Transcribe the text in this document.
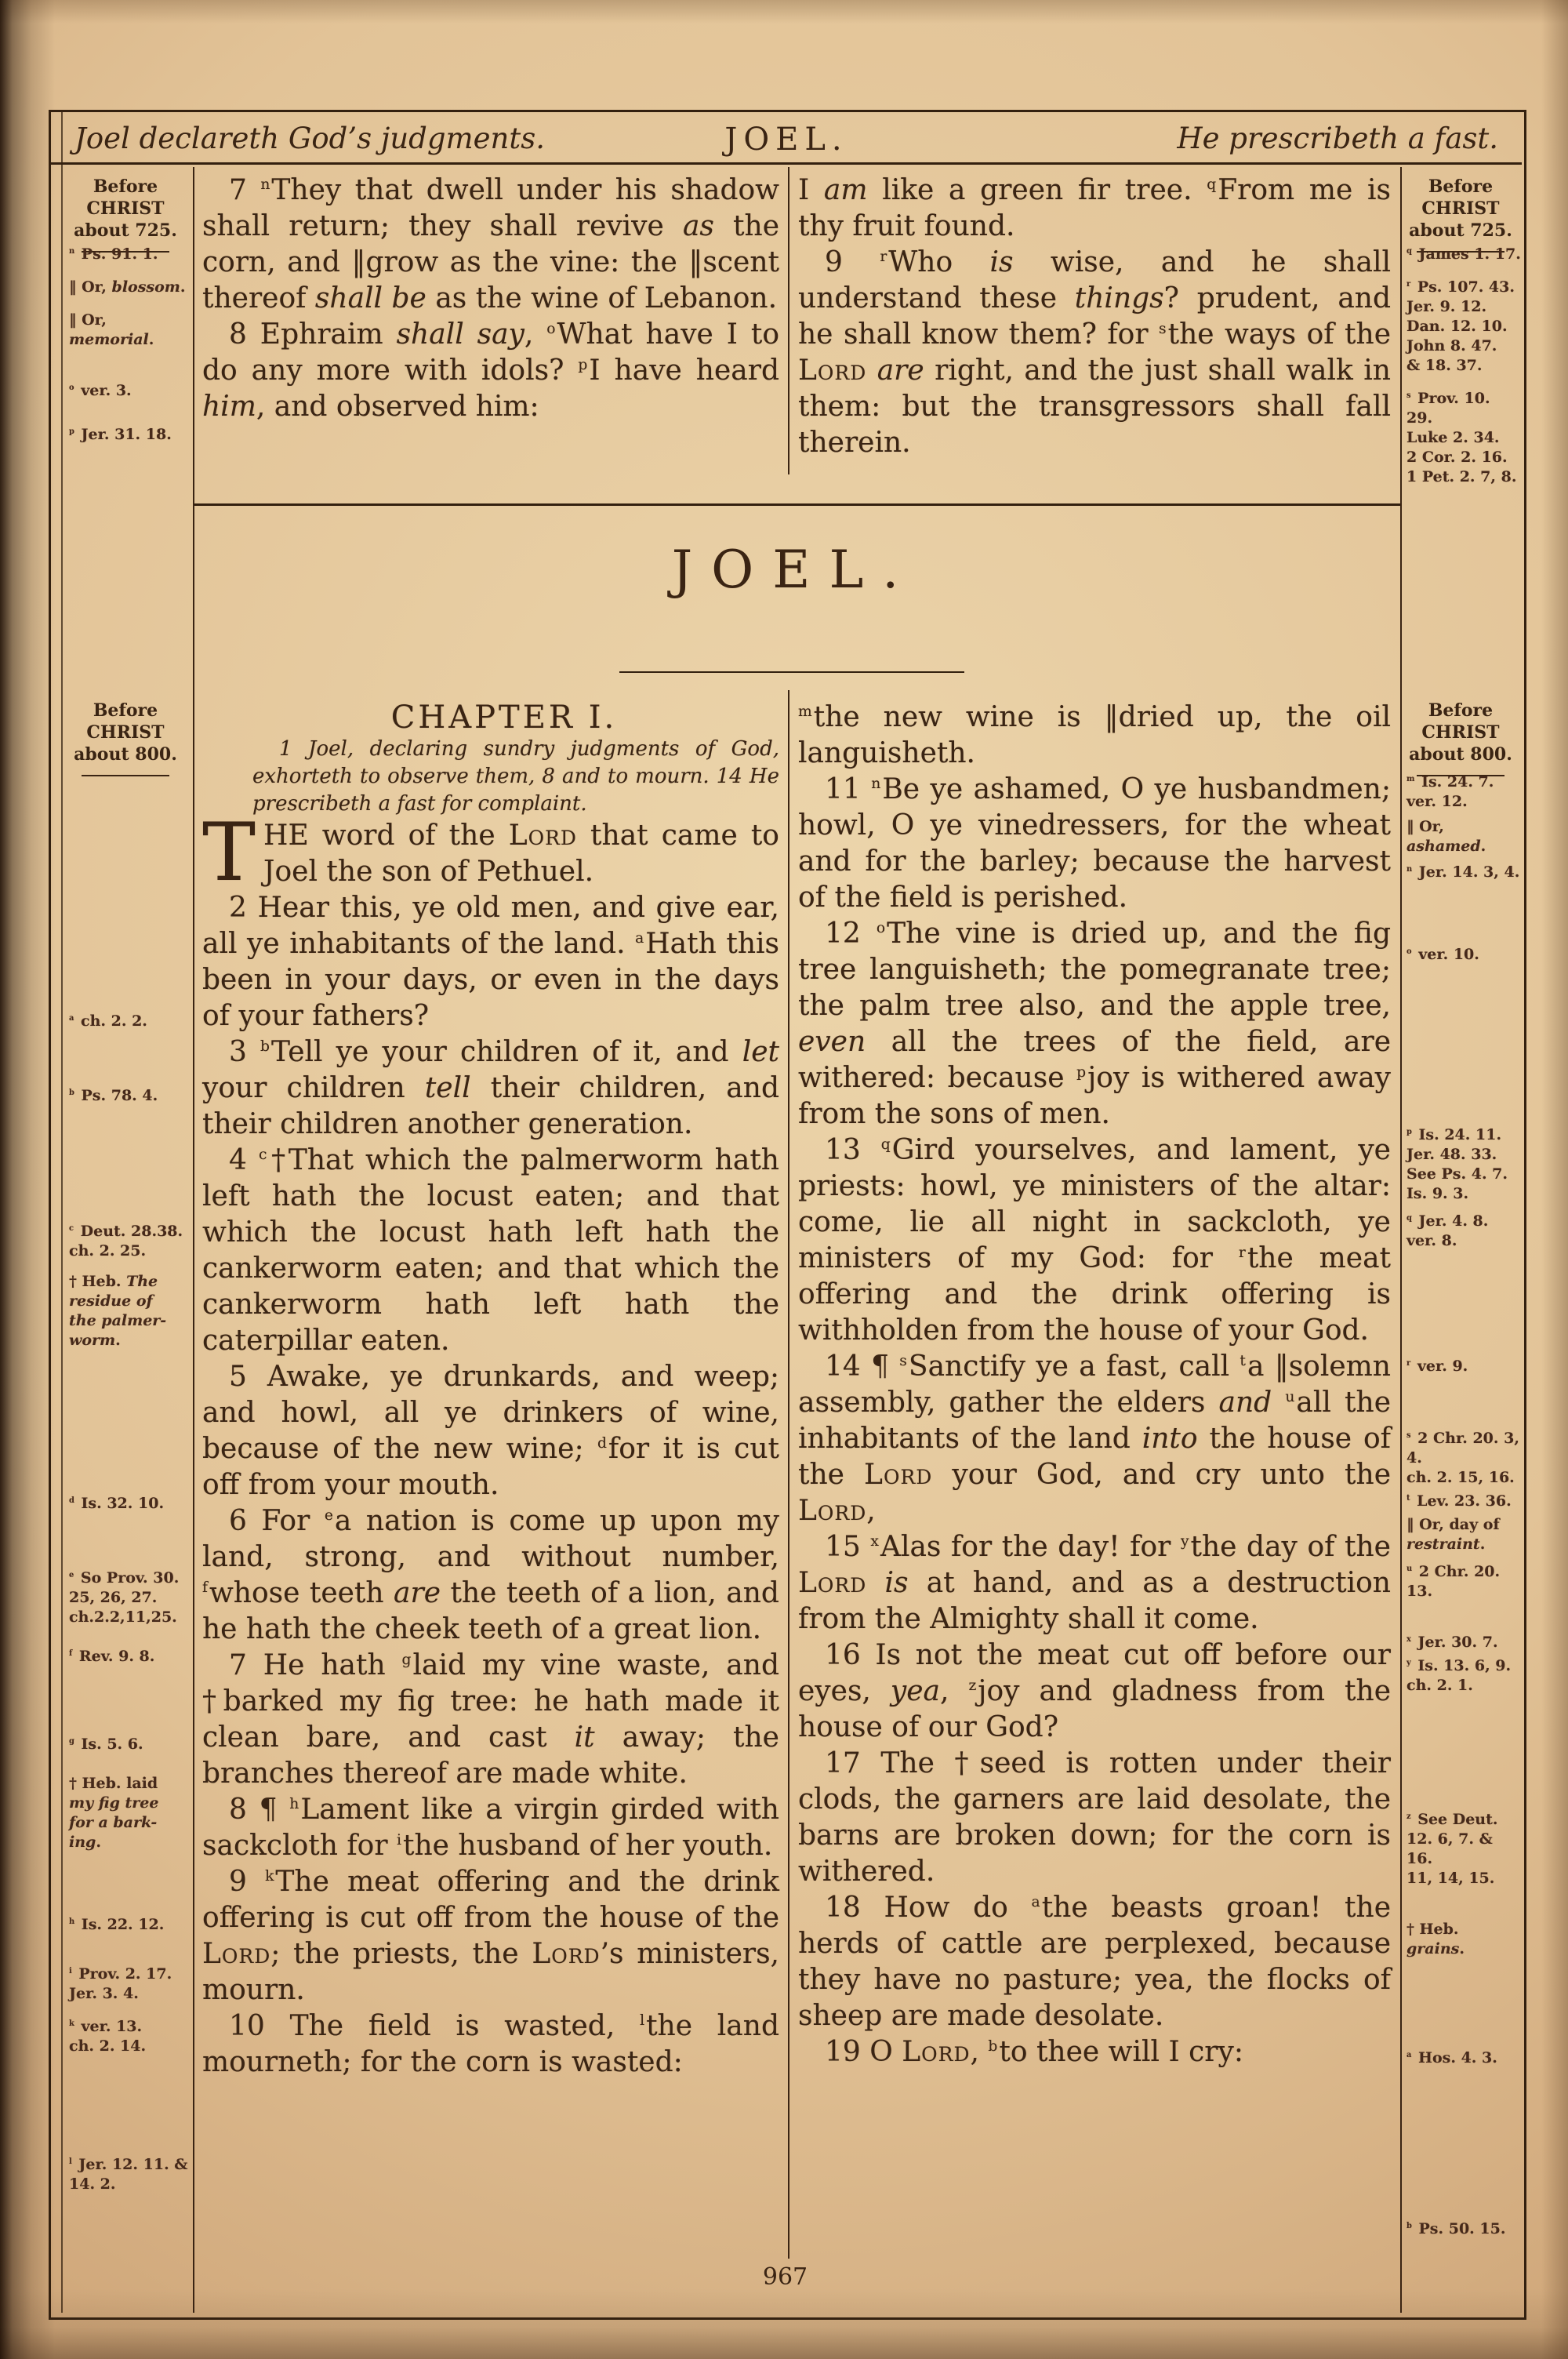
Joel declareth God’s judgments.	JOEL.	He prescribeth a fast.
Before
CHRIST
about 725.
Before
CHRIST
about 725.
Before
CHRIST
about 800.
Before
CHRIST
about 800.

7 $^n$They that dwell under his shadow shall return; they shall revive as the corn, and ‖grow as the vine: the ‖scent thereof shall be as the wine of Lebanon.

8 Ephraim shall say, $^o$What have I to do any more with idols? $^p$I have heard him, and observed him:

I am like a green fir tree. $^q$From me is thy fruit found.

9 $^r$Who is wise, and he shall understand these things? prudent, and he shall know them? for $^s$the ways of the Lord are right, and the just shall walk in them: but the transgressors shall fall therein.

JOEL.

CHAPTER I.

1 Joel, declaring sundry judgments of God, exhorteth to observe them, 8 and to mourn. 14 He prescribeth a fast for complaint.

THE word of the Lord that came to Joel the son of Pethuel.

2 Hear this, ye old men, and give ear, all ye inhabitants of the land. $^a$Hath this been in your days, or even in the days of your fathers?

3 $^b$Tell ye your children of it, and let your children tell their children, and their children another generation.

4 $^c$†That which the palmerworm hath left hath the locust eaten; and that which the locust hath left hath the cankerworm eaten; and that which the cankerworm hath left hath the caterpillar eaten.

5 Awake, ye drunkards, and weep; and howl, all ye drinkers of wine, because of the new wine; $^d$for it is cut off from your mouth.

6 For $^e$a nation is come up upon my land, strong, and without number, $^f$whose teeth are the teeth of a lion, and he hath the cheek teeth of a great lion.

7 He hath $^g$laid my vine waste, and †barked my fig tree: he hath made it clean bare, and cast it away; the branches thereof are made white.

8 ¶ $^h$Lament like a virgin girded with sackcloth for $^i$the husband of her youth.

9 $^k$The meat offering and the drink offering is cut off from the house of the Lord; the priests, the Lord’s ministers, mourn.

10 The field is wasted, $^l$the land mourneth; for the corn is wasted:

$^m$the new wine is ‖dried up, the oil languisheth.

11 $^n$Be ye ashamed, O ye husbandmen; howl, O ye vinedressers, for the wheat and for the barley; because the harvest of the field is perished.

12 $^o$The vine is dried up, and the fig tree languisheth; the pomegranate tree; the palm tree also, and the apple tree, even all the trees of the field, are withered: because $^p$joy is withered away from the sons of men.

13 $^q$Gird yourselves, and lament, ye priests: howl, ye ministers of the altar: come, lie all night in sackcloth, ye ministers of my God: for $^r$the meat offering and the drink offering is withholden from the house of your God.

14 ¶ $^s$Sanctify ye a fast, call $^t$a ‖solemn assembly, gather the elders and $^u$all the inhabitants of the land into the house of the Lord your God, and cry unto the Lord,

15 $^x$Alas for the day! for $^y$the day of the Lord is at hand, and as a destruction from the Almighty shall it come.

16 Is not the meat cut off before our eyes, yea, $^z$joy and gladness from the house of our God?

17 The †seed is rotten under their clods, the garners are laid desolate, the barns are broken down; for the corn is withered.

18 How do $^a$the beasts groan! the herds of cattle are perplexed, because they have no pasture; yea, the flocks of sheep are made desolate.

19 O Lord, $^b$to thee will I cry:

967
$^n$ Ps. 91. 1.
‖ Or, blossom.
‖ Or,
memorial.
$^o$ ver. 3.
$^p$ Jer. 31. 18.
$^q$ James 1. 17.
$^r$ Ps. 107. 43.
Jer. 9. 12.
Dan. 12. 10.
John 8. 47.
& 18. 37.
$^s$ Prov. 10. 29.
Luke 2. 34.
2 Cor. 2. 16.
1 Pet. 2. 7, 8.
$^a$ ch. 2. 2.
$^b$ Ps. 78. 4.
$^c$ Deut. 28.38.
ch. 2. 25.
† Heb. The
residue of
the palmer-
worm.
$^d$ Is. 32. 10.
$^e$ So Prov. 30.
25, 26, 27.
ch.2.2,11,25.
$^f$ Rev. 9. 8.
$^g$ Is. 5. 6.
† Heb. laid
my fig tree
for a bark-
ing.
$^h$ Is. 22. 12.
$^i$ Prov. 2. 17.
Jer. 3. 4.
$^k$ ver. 13.
ch. 2. 14.
$^l$ Jer. 12. 11. &
14. 2.
$^m$ Is. 24. 7.
ver. 12.
‖ Or,
ashamed.
$^n$ Jer. 14. 3, 4.
$^o$ ver. 10.
$^p$ Is. 24. 11.
Jer. 48. 33.
See Ps. 4. 7.
Is. 9. 3.
$^q$ Jer. 4. 8.
ver. 8.
$^r$ ver. 9.
$^s$ 2 Chr. 20. 3,
4.
ch. 2. 15, 16.
$^t$ Lev. 23. 36.
‖ Or, day of
restraint.
$^u$ 2 Chr. 20. 13.
$^x$ Jer. 30. 7.
$^y$ Is. 13. 6, 9.
ch. 2. 1.
$^z$ See Deut.
12. 6, 7. & 16.
11, 14, 15.
† Heb.
grains.
$^a$ Hos. 4. 3.
$^b$ Ps. 50. 15.
